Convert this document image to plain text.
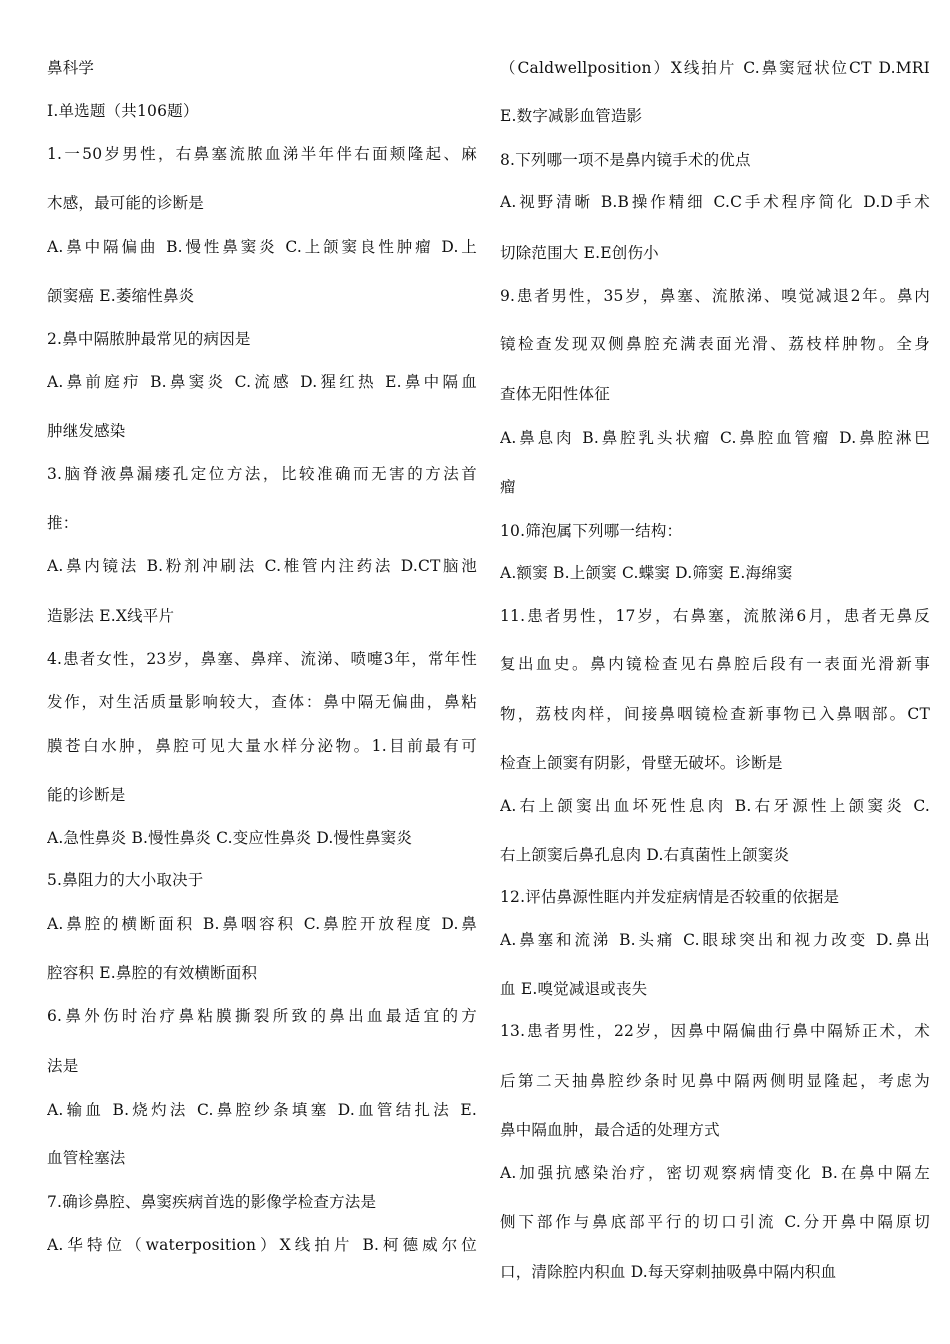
鼻科学
I.单选题（共106题）
1.一50岁男性，右鼻塞流脓血涕半年伴右面颊隆起、麻
木感，最可能的诊断是
A.鼻中隔偏曲 B.慢性鼻窦炎 C.上颌窦良性肿瘤 D.上
颌窦癌 E.萎缩性鼻炎
2.鼻中隔脓肿最常见的病因是
A.鼻前庭疖 B.鼻窦炎 C.流感 D.猩红热 E.鼻中隔血
肿继发感染
3.脑脊液鼻漏瘘孔定位方法，比较准确而无害的方法首
推：
A.鼻内镜法 B.粉剂冲刷法 C.椎管内注药法 D.CT脑池
造影法 E.X线平片
4.患者女性，23岁，鼻塞、鼻痒、流涕、喷嚏3年，常年性
发作，对生活质量影响较大，查体：鼻中隔无偏曲，鼻粘
膜苍白水肿，鼻腔可见大量水样分泌物。1.目前最有可
能的诊断是
A.急性鼻炎 B.慢性鼻炎 C.变应性鼻炎 D.慢性鼻窦炎
5.鼻阻力的大小取决于
A.鼻腔的横断面积 B.鼻咽容积 C.鼻腔开放程度 D.鼻
腔容积 E.鼻腔的有效横断面积
6.鼻外伤时治疗鼻粘膜撕裂所致的鼻出血最适宜的方
法是
A.输血 B.烧灼法 C.鼻腔纱条填塞 D.血管结扎法 E.
血管栓塞法
7.确诊鼻腔、鼻窦疾病首选的影像学检查方法是
A.华特位（waterposition）X线拍片 B.柯德威尔位
（Caldwellposition）X线拍片 C.鼻窦冠状位CT D.MRI
E.数字减影血管造影
8.下列哪一项不是鼻内镜手术的优点
A.视野清晰 B.B操作精细 C.C手术程序简化 D.D手术
切除范围大 E.E创伤小
9.患者男性，35岁，鼻塞、流脓涕、嗅觉减退2年。鼻内
镜检查发现双侧鼻腔充满表面光滑、荔枝样肿物。全身
查体无阳性体征
A.鼻息肉 B.鼻腔乳头状瘤 C.鼻腔血管瘤 D.鼻腔淋巴
瘤
10.筛泡属下列哪一结构：
A.额窦 B.上颌窦 C.蝶窦 D.筛窦 E.海绵窦
11.患者男性，17岁，右鼻塞，流脓涕6月，患者无鼻反
复出血史。鼻内镜检查见右鼻腔后段有一表面光滑新事
物，荔枝肉样，间接鼻咽镜检查新事物已入鼻咽部。CT
检查上颌窦有阴影，骨壁无破坏。诊断是
A.右上颌窦出血坏死性息肉 B.右牙源性上颌窦炎 C.
右上颌窦后鼻孔息肉 D.右真菌性上颌窦炎
12.评估鼻源性眶内并发症病情是否较重的依据是
A.鼻塞和流涕 B.头痛 C.眼球突出和视力改变 D.鼻出
血 E.嗅觉减退或丧失
13.患者男性，22岁，因鼻中隔偏曲行鼻中隔矫正术，术
后第二天抽鼻腔纱条时见鼻中隔两侧明显隆起，考虑为
鼻中隔血肿，最合适的处理方式
A.加强抗感染治疗，密切观察病情变化 B.在鼻中隔左
侧下部作与鼻底部平行的切口引流 C.分开鼻中隔原切
口，清除腔内积血 D.每天穿刺抽吸鼻中隔内积血
